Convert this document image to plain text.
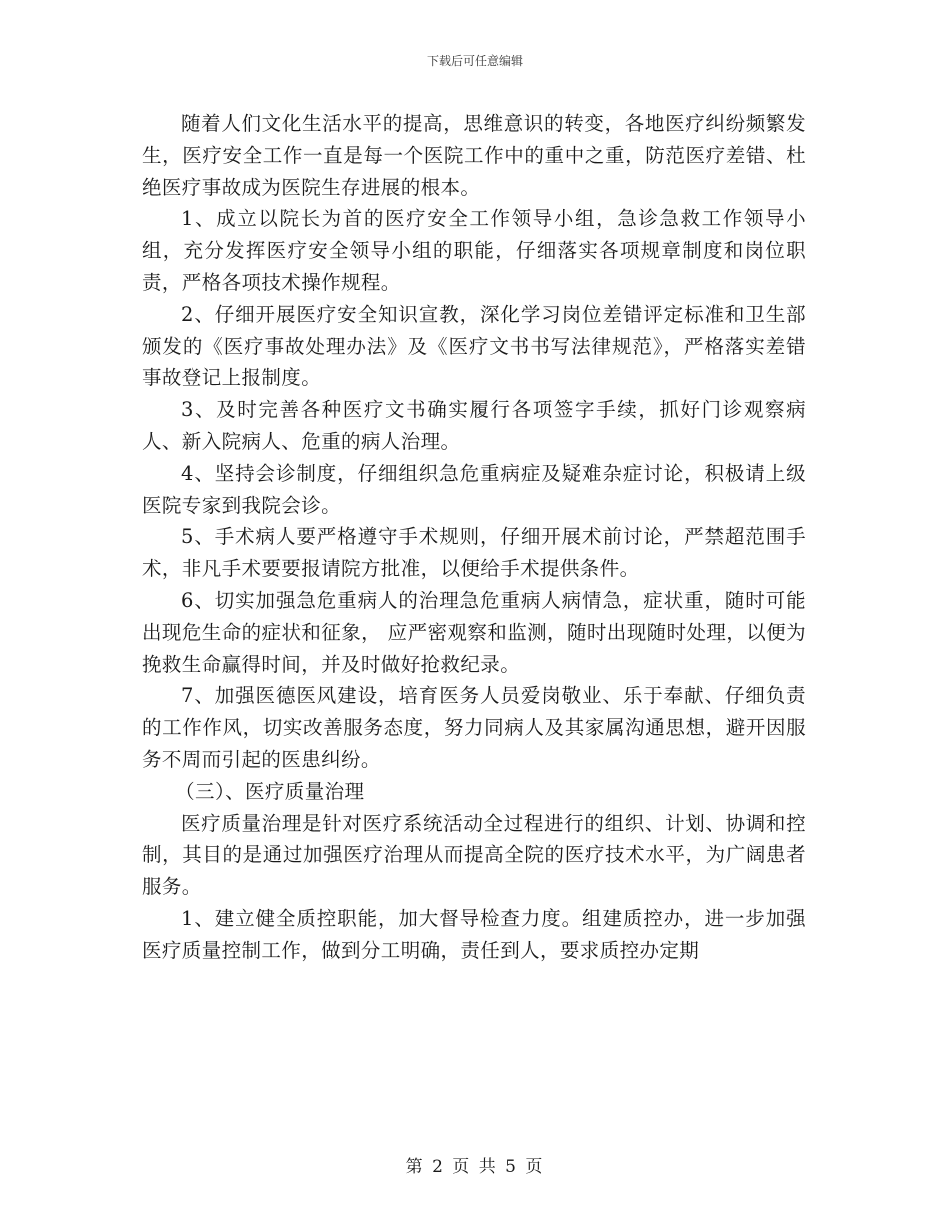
下载后可任意编辑

随着人们文化生活水平的提高，思维意识的转变，各地医疗纠纷频繁发生，医疗安全工作一直是每一个医院工作中的重中之重，防范医疗差错、杜绝医疗事故成为医院生存进展的根本。

1、成立以院长为首的医疗安全工作领导小组，急诊急救工作领导小组，充分发挥医疗安全领导小组的职能，仔细落实各项规章制度和岗位职责，严格各项技术操作规程。

2、仔细开展医疗安全知识宣教，深化学习岗位差错评定标准和卫生部颁发的《医疗事故处理办法》及《医疗文书书写法律规范》，严格落实差错事故登记上报制度。

3、及时完善各种医疗文书确实履行各项签字手续，抓好门诊观察病人、新入院病人、危重的病人治理。

4、坚持会诊制度，仔细组织急危重病症及疑难杂症讨论，积极请上级医院专家到我院会诊。

5、手术病人要严格遵守手术规则，仔细开展术前讨论，严禁超范围手术，非凡手术要要报请院方批准，以便给手术提供条件。

6、切实加强急危重病人的治理急危重病人病情急，症状重，随时可能出现危生命的症状和征象， 应严密观察和监测，随时出现随时处理，以便为挽救生命赢得时间，并及时做好抢救纪录。

7、加强医德医风建设，培育医务人员爱岗敬业、乐于奉献、仔细负责的工作作风，切实改善服务态度，努力同病人及其家属沟通思想，避开因服务不周而引起的医患纠纷。

（三）、医疗质量治理

医疗质量治理是针对医疗系统活动全过程进行的组织、计划、协调和控制，其目的是通过加强医疗治理从而提高全院的医疗技术水平，为广阔患者服务。

1、建立健全质控职能，加大督导检查力度。组建质控办，进一步加强医疗质量控制工作，做到分工明确，责任到人，要求质控办定期

第 2 页 共 5 页
